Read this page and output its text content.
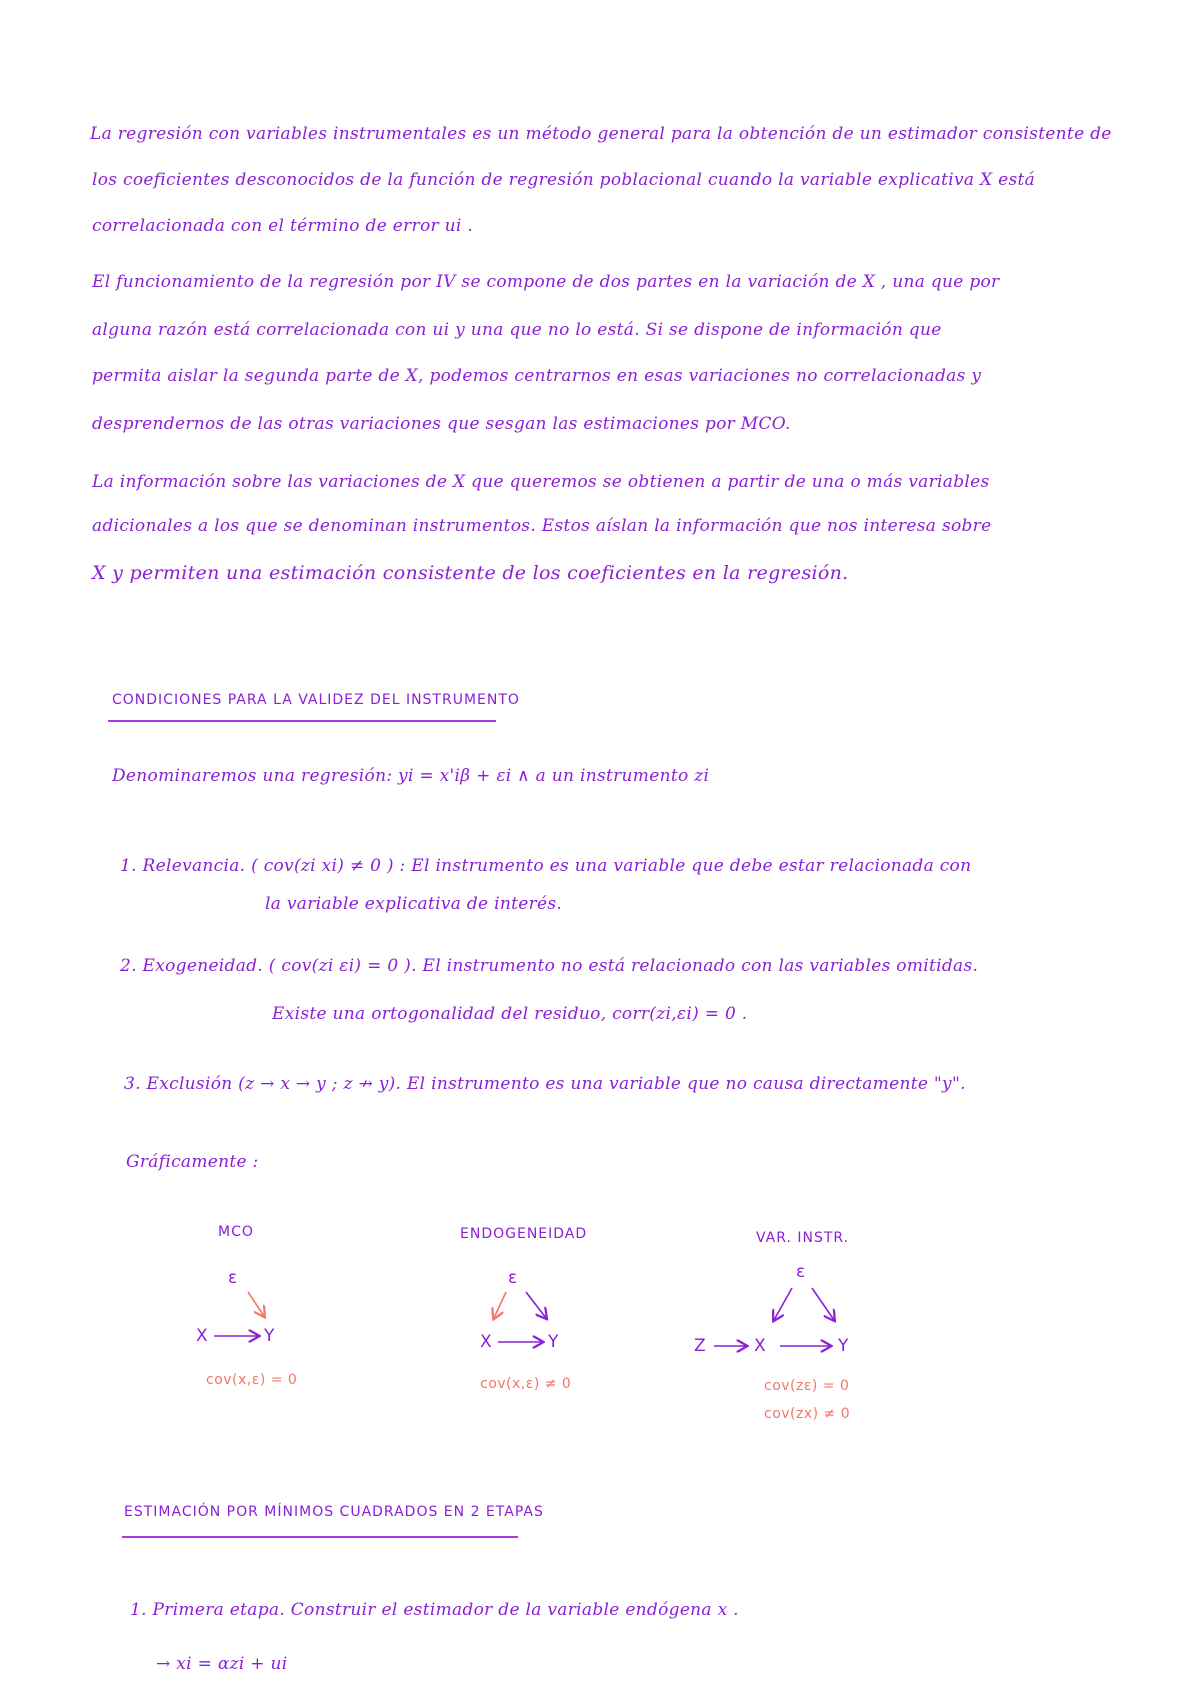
La regresión con variables instrumentales es un método general para la obtención de un estimador consistente de
los coeficientes desconocidos de la función de regresión poblacional cuando la variable explicativa X está
correlacionada con el término de error ui .
El funcionamiento de la regresión por IV se compone de dos partes en la variación de X , una que por
alguna razón está correlacionada con ui y una que no lo está. Si se dispone de información que
permita aislar la segunda parte de X, podemos centrarnos en esas variaciones no correlacionadas y
desprendernos de las otras variaciones que sesgan las estimaciones por MCO.
La información sobre las variaciones de X que queremos se obtienen a partir de una o más variables
adicionales a los que se denominan instrumentos. Estos aíslan la información que nos interesa sobre
X y permiten una estimación consistente de los coeficientes en la regresión.
CONDICIONES PARA LA VALIDEZ DEL INSTRUMENTO
Denominaremos una regresión: yi = x'iβ + εi ∧ a un instrumento zi
1. Relevancia. ( cov(zi xi) ≠ 0 ) : El instrumento es una variable que debe estar relacionada con
la variable explicativa de interés.
2. Exogeneidad. ( cov(zi εi) = 0 ). El instrumento no está relacionado con las variables omitidas.
Existe una ortogonalidad del residuo, corr(zi,εi) = 0 .
3. Exclusión (z → x → y ; z ↛ y). El instrumento es una variable que no causa directamente "y".
Gráficamente :
MCO
ε
X	Y
cov(x,ε) = 0
ENDOGENEIDAD
ε
X	Y
cov(x,ε) ≠ 0
VAR. INSTR.
ε
Z	X	Y
cov(zε) = 0
cov(zx) ≠ 0
ESTIMACIÓN POR MÍNIMOS CUADRADOS EN 2 ETAPAS
1. Primera etapa. Construir el estimador de la variable endógena x .
→ xi = αzi + ui
